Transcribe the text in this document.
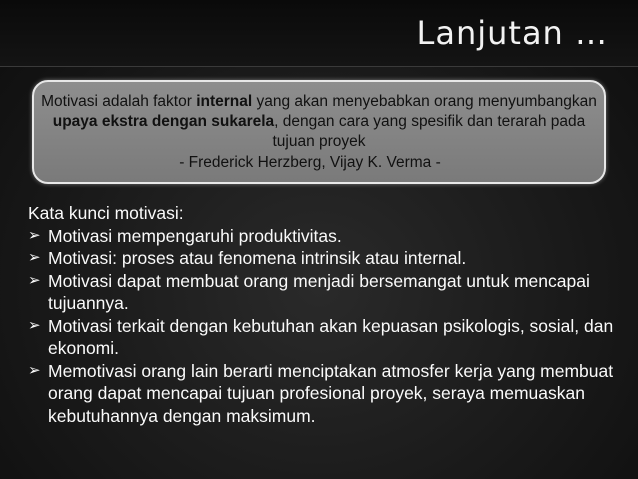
Lanjutan …
Motivasi adalah faktor internal yang akan menyebabkan orang menyumbangkan upaya ekstra dengan sukarela, dengan cara yang spesifik dan terarah pada tujuan proyek
- Frederick Herzberg, Vijay K. Verma -

Kata kunci motivasi:

➢ Motivasi mempengaruhi produktivitas.
➢ Motivasi: proses atau fenomena intrinsik atau internal.
➢ Motivasi dapat membuat orang menjadi bersemangat untuk mencapai tujuannya.
➢ Motivasi terkait dengan kebutuhan akan kepuasan psikologis, sosial, dan ekonomi.
➢ Memotivasi orang lain berarti menciptakan atmosfer kerja yang membuat orang dapat mencapai tujuan profesional proyek, seraya memuaskan kebutuhannya dengan maksimum.
